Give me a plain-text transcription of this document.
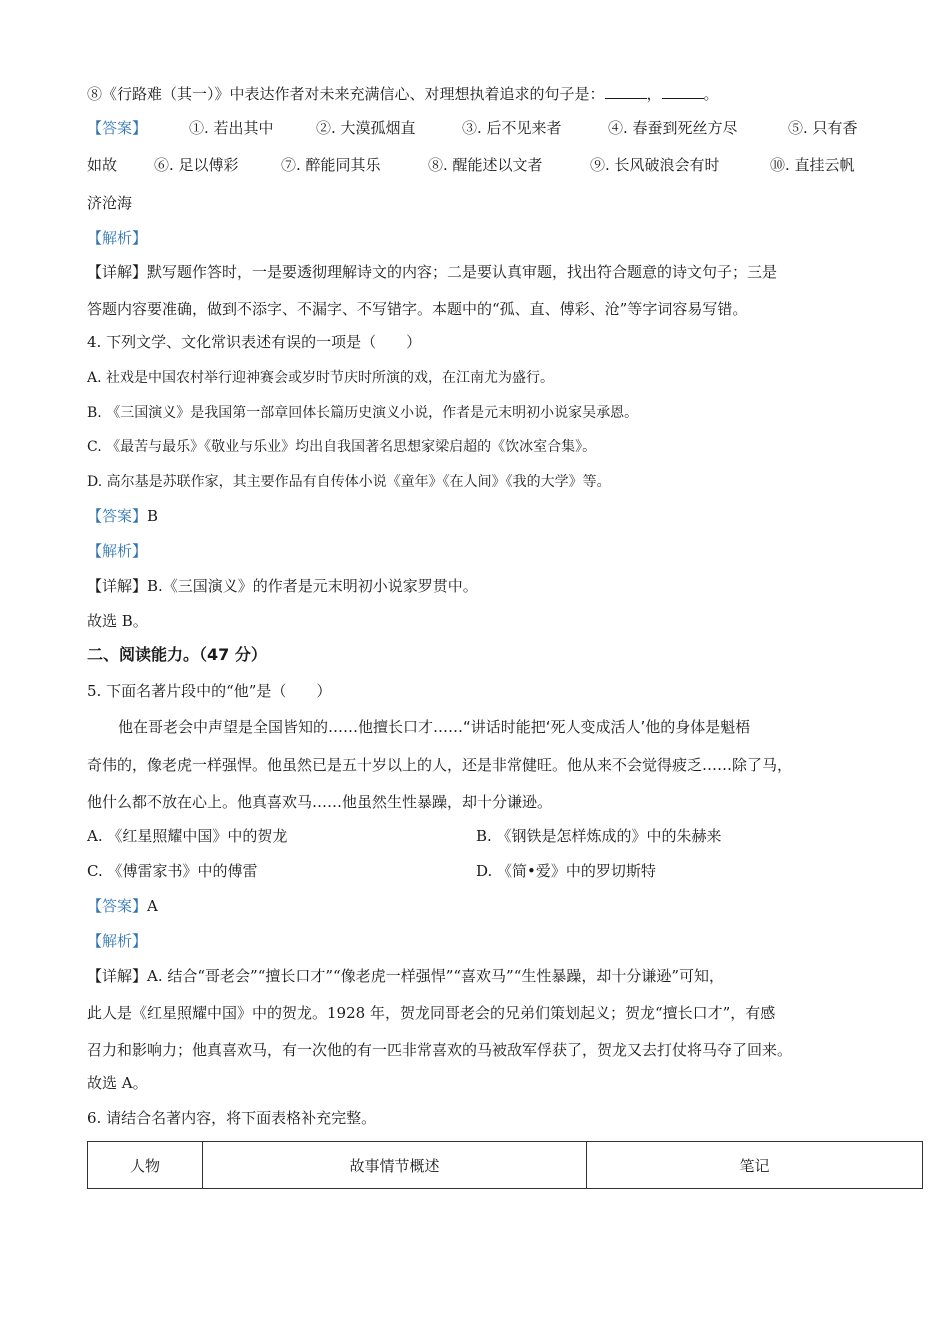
⑧《行路难（其一）》中表达作者对未来充满信心、对理想执着追求的句子是：	，	。
【答案】	①. 若出其中	②. 大漠孤烟直	③. 后不见来者	④. 春蚕到死丝方尽	⑤. 只有香
如故 ⑥. 足以傅彩	⑦. 醉能同其乐	⑧. 醒能述以文者	⑨. 长风破浪会有时	⑩. 直挂云帆
济沧海
【解析】
【详解】默写题作答时，一是要透彻理解诗文的内容；二是要认真审题，找出符合题意的诗文句子；三是
答题内容要准确，做到不添字、不漏字、不写错字。本题中的“孤、直、傅彩、沧”等字词容易写错。
4. 下列文学、文化常识表述有误的一项是（　　）
A. 社戏是中国农村举行迎神赛会或岁时节庆时所演的戏，在江南尤为盛行。
B. 《三国演义》是我国第一部章回体长篇历史演义小说，作者是元末明初小说家吴承恩。
C. 《最苦与最乐》《敬业与乐业》均出自我国著名思想家梁启超的《饮冰室合集》。
D. 高尔基是苏联作家，其主要作品有自传体小说《童年》《在人间》《我的大学》等。
【答案】B
【解析】
【详解】B.《三国演义》的作者是元末明初小说家罗贯中。
故选 B。
二、阅读能力。（47 分）
5. 下面名著片段中的“他”是（　　）
他在哥老会中声望是全国皆知的……他擅长口才……“讲话时能把‘死人变成活人’他的身体是魁梧
奇伟的，像老虎一样强悍。他虽然已是五十岁以上的人，还是非常健旺。他从来不会觉得疲乏……除了马，
他什么都不放在心上。他真喜欢马……他虽然生性暴躁，却十分谦逊。
A. 《红星照耀中国》中的贺龙	B. 《钢铁是怎样炼成的》中的朱赫来
C. 《傅雷家书》中的傅雷	D. 《简•爱》中的罗切斯特
【答案】A
【解析】
【详解】A. 结合“哥老会”“擅长口才”“像老虎一样强悍”“喜欢马”“生性暴躁，却十分谦逊”可知，
此人是《红星照耀中国》中的贺龙。1928 年，贺龙同哥老会的兄弟们策划起义；贺龙“擅长口才”，有感
召力和影响力；他真喜欢马，有一次他的有一匹非常喜欢的马被敌军俘获了，贺龙又去打仗将马夺了回来。
故选 A。
6. 请结合名著内容，将下面表格补充完整。
人物	故事情节概述	笔记
